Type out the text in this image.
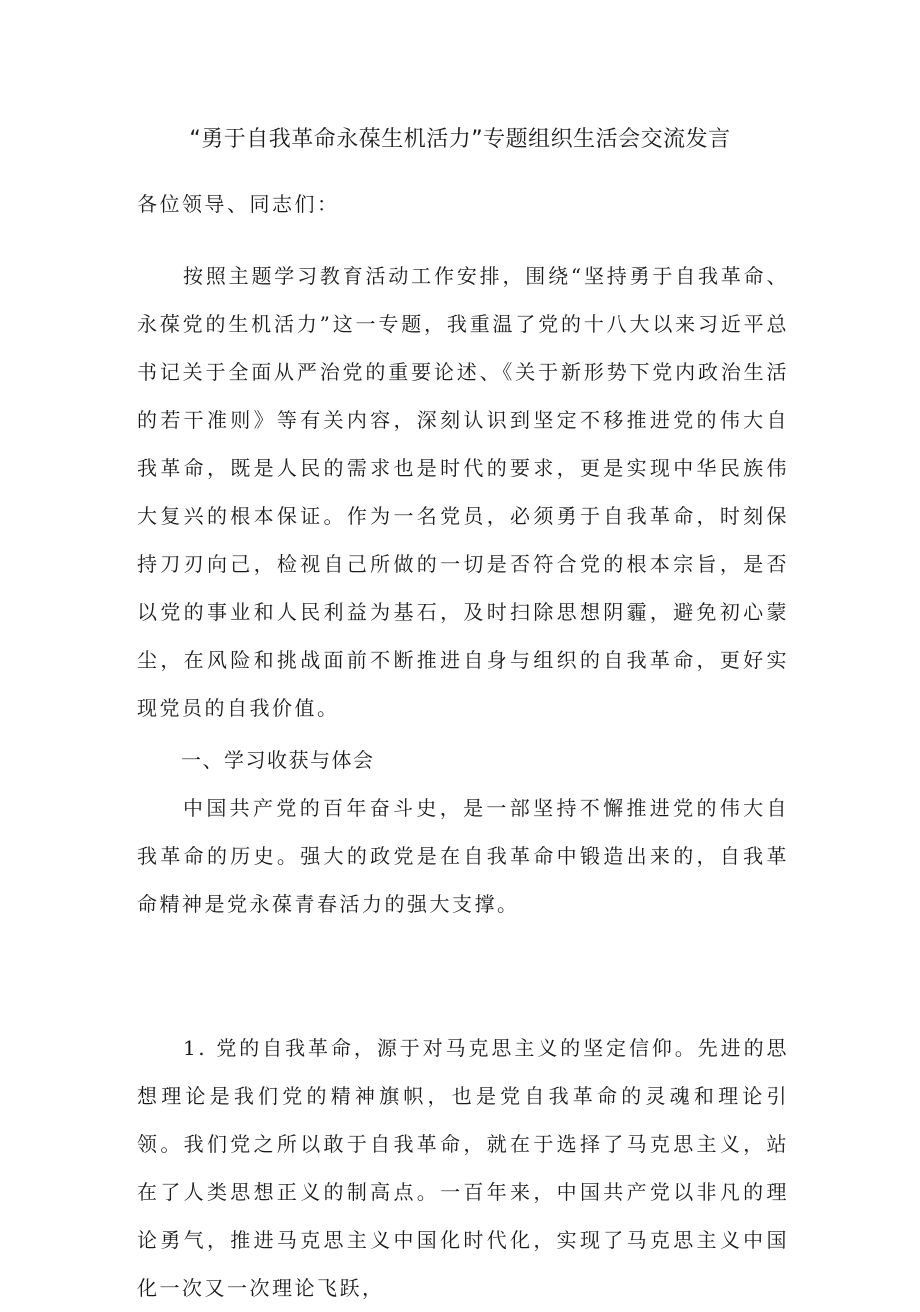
“勇于自我革命永葆生机活力”专题组织生活会交流发言

各位领导、同志们：

按照主题学习教育活动工作安排，围绕“坚持勇于自我革命、永葆党的生机活力”这一专题，我重温了党的十八大以来习近平总书记关于全面从严治党的重要论述、《关于新形势下党内政治生活的若干准则》等有关内容，深刻认识到坚定不移推进党的伟大自我革命，既是人民的需求也是时代的要求，更是实现中华民族伟大复兴的根本保证。作为一名党员，必须勇于自我革命，时刻保持刀刃向己，检视自己所做的一切是否符合党的根本宗旨，是否以党的事业和人民利益为基石，及时扫除思想阴霾，避免初心蒙尘，在风险和挑战面前不断推进自身与组织的自我革命，更好实现党员的自我价值。

一、学习收获与体会

中国共产党的百年奋斗史，是一部坚持不懈推进党的伟大自我革命的历史。强大的政党是在自我革命中锻造出来的，自我革命精神是党永葆青春活力的强大支撑。

1. 党的自我革命，源于对马克思主义的坚定信仰。先进的思想理论是我们党的精神旗帜，也是党自我革命的灵魂和理论引领。我们党之所以敢于自我革命，就在于选择了马克思主义，站在了人类思想正义的制高点。一百年来，中国共产党以非凡的理论勇气，推进马克思主义中国化时代化，实现了马克思主义中国化一次又一次理论飞跃，
